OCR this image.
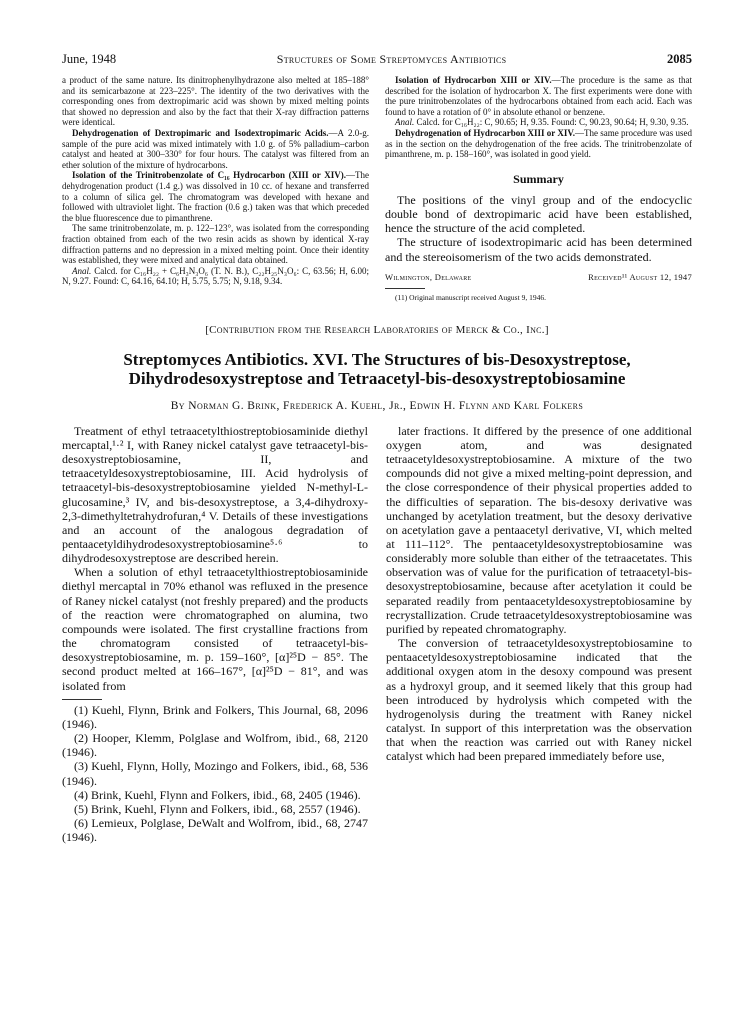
June, 1948	Structures of Some Streptomyces Antibiotics	2085

a product of the same nature. Its dinitrophenylhydrazone also melted at 185–188° and its semicarbazone at 223–225°. The identity of the two derivatives with the corresponding ones from dextropimaric acid was shown by mixed melting points that showed no depression and also by the fact that their X-ray diffraction patterns were identical.

Dehydrogenation of Dextropimaric and Isodextropimaric Acids.—A 2.0-g. sample of the pure acid was mixed intimately with 1.0 g. of 5% palladium–carbon catalyst and heated at 300–330° for four hours. The catalyst was filtered from an ether solution of the mixture of hydrocarbons.

Isolation of the Trinitrobenzolate of C₁₆ Hydrocarbon (XIII or XIV).—The dehydrogenation product (1.4 g.) was dissolved in 10 cc. of hexane and transferred to a column of silica gel. The chromatogram was developed with hexane and followed with ultraviolet light. The fraction (0.6 g.) taken was that which preceded the blue fluorescence due to pimanthrene.

The same trinitrobenzolate, m. p. 122–123°, was isolated from the corresponding fraction obtained from each of the two resin acids as shown by identical X-ray diffraction patterns and no depression in a mixed melting point. Once their identity was established, they were mixed and analytical data obtained.

Anal. Calcd. for C₁₆H₂₂ + C₆H₃N₃O₆ (T. N. B.), C₂₂H₂₅N₃O₆: C, 63.56; H, 6.00; N, 9.27. Found: C, 64.16, 64.10; H, 5.75, 5.75; N, 9.18, 9.34.

Isolation of Hydrocarbon XIII or XIV.—The procedure is the same as that described for the isolation of hydrocarbon X. The first experiments were done with the pure trinitrobenzolates of the hydrocarbons obtained from each acid. Each was found to have a rotation of 0° in absolute ethanol or benzene.

Anal. Calcd. for C₁₆H₂₂: C, 90.65; H, 9.35. Found: C, 90.23, 90.64; H, 9.30, 9.35.

Dehydrogenation of Hydrocarbon XIII or XIV.—The same procedure was used as in the section on the dehydrogenation of the free acids. The trinitrobenzolate of pimanthrene, m. p. 158–160°, was isolated in good yield.

Summary

The positions of the vinyl group and of the endocyclic double bond of dextropimaric acid have been established, hence the structure of the acid completed.

The structure of isodextropimaric acid has been determined and the stereoisomerism of the two acids demonstrated.

Wilmington, Delaware	Received¹¹ August 12, 1947

(11) Original manuscript received August 9, 1946.

[Contribution from the Research Laboratories of Merck & Co., Inc.]
Streptomyces Antibiotics. XVI. The Structures of bis-Desoxystreptose,
Dihydrodesoxystreptose and Tetraacetyl-bis-desoxystreptobiosamine
By Norman G. Brink, Frederick A. Kuehl, Jr., Edwin H. Flynn and Karl Folkers

Treatment of ethyl tetraacetylthiostreptobiosaminide diethyl mercaptal,¹·² I, with Raney nickel catalyst gave tetraacetyl-bis-desoxystreptobiosamine, II, and tetraacetyldesoxystreptobiosamine, III. Acid hydrolysis of tetraacetyl-bis-desoxystreptobiosamine yielded N-methyl-L-glucosamine,³ IV, and bis-desoxystreptose, a 3,4-dihydroxy-2,3-dimethyltetrahydrofuran,⁴ V. Details of these investigations and an account of the analogous degradation of pentaacetyldihydrodesoxystreptobiosamine⁵·⁶ to dihydrodesoxystreptose are described herein.

When a solution of ethyl tetraacetylthiostreptobiosaminide diethyl mercaptal in 70% ethanol was refluxed in the presence of Raney nickel catalyst (not freshly prepared) and the products of the reaction were chromatographed on alumina, two compounds were isolated. The first crystalline fractions from the chromatogram consisted of tetraacetyl-bis-desoxystreptobiosamine, m. p. 159–160°, [α]²⁵D − 85°. The second product melted at 166–167°, [α]²⁵D − 81°, and was isolated from

(1) Kuehl, Flynn, Brink and Folkers, This Journal, 68, 2096 (1946).

(2) Hooper, Klemm, Polglase and Wolfrom, ibid., 68, 2120 (1946).

(3) Kuehl, Flynn, Holly, Mozingo and Folkers, ibid., 68, 536 (1946).

(4) Brink, Kuehl, Flynn and Folkers, ibid., 68, 2405 (1946).

(5) Brink, Kuehl, Flynn and Folkers, ibid., 68, 2557 (1946).

(6) Lemieux, Polglase, DeWalt and Wolfrom, ibid., 68, 2747 (1946).

later fractions. It differed by the presence of one additional oxygen atom, and was designated tetraacetyldesoxystreptobiosamine. A mixture of the two compounds did not give a mixed melting-point depression, and the close correspondence of their physical properties added to the difficulties of separation. The bis-desoxy derivative was unchanged by acetylation treatment, but the desoxy derivative on acetylation gave a pentaacetyl derivative, VI, which melted at 111–112°. The pentaacetyldesoxystreptobiosamine was considerably more soluble than either of the tetraacetates. This observation was of value for the purification of tetraacetyl-bis-desoxystreptobiosamine, because after acetylation it could be separated readily from pentaacetyldesoxystreptobiosamine by recrystallization. Crude tetraacetyldesoxystreptobiosamine was purified by repeated chromatography.

The conversion of tetraacetyldesoxystreptobiosamine to pentaacetyldesoxystreptobiosamine indicated that the additional oxygen atom in the desoxy compound was present as a hydroxyl group, and it seemed likely that this group had been introduced by hydrolysis which competed with the hydrogenolysis during the treatment with Raney nickel catalyst. In support of this interpretation was the observation that when the reaction was carried out with Raney nickel catalyst which had been prepared immediately before use,
